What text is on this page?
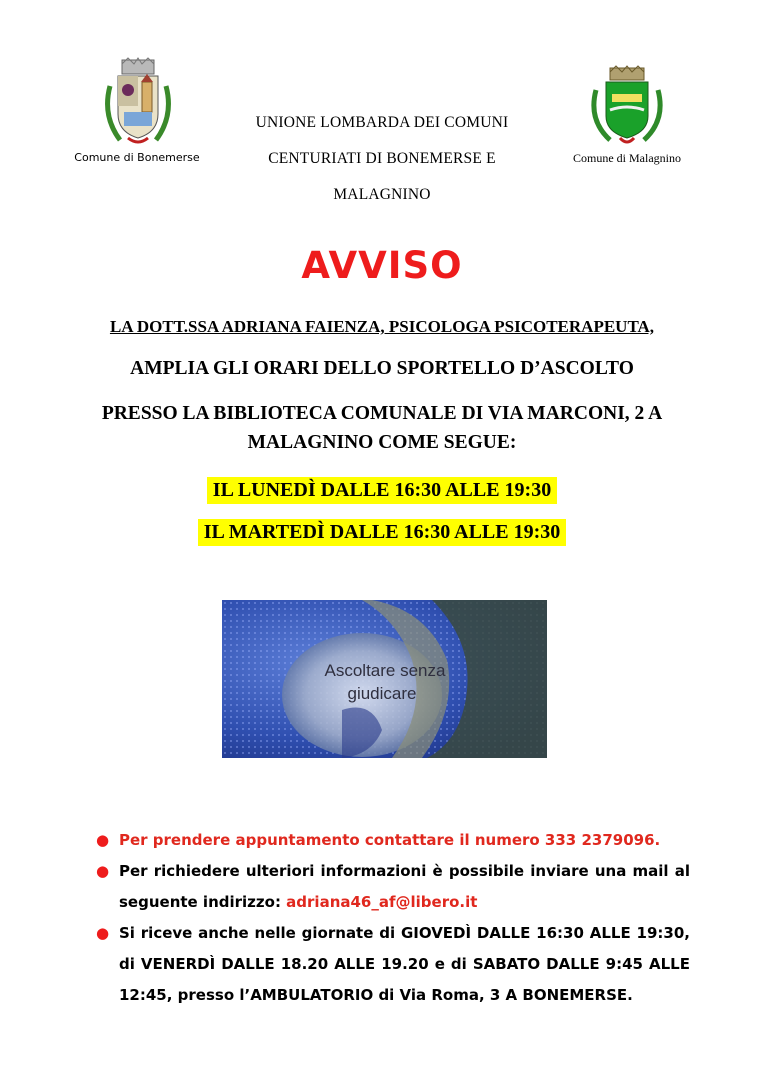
Comune di Bonemerse	Comune di Malagnino
UNIONE LOMBARDA DEI COMUNI
CENTURIATI DI BONEMERSE E
MALAGNINO
AVVISO
LA DOTT.SSA ADRIANA FAIENZA, PSICOLOGA PSICOTERAPEUTA,
AMPLIA GLI ORARI DELLO SPORTELLO D’ASCOLTO
PRESSO LA BIBLIOTECA COMUNALE DI VIA MARCONI, 2 A
MALAGNINO COME SEGUE:
IL LUNEDÌ DALLE 16:30 ALLE 19:30
IL MARTEDÌ DALLE 16:30 ALLE 19:30
Ascoltare senza
giudicare
● Per prendere appuntamento contattare il numero 333 2379096.
● Per richiedere ulteriori informazioni è possibile inviare una mail al seguente indirizzo: adriana46_af@libero.it
● Si riceve anche nelle giornate di GIOVEDÌ DALLE 16:30 ALLE 19:30, di VENERDÌ DALLE 18.20 ALLE 19.20 e di SABATO DALLE 9:45 ALLE 12:45, presso l’AMBULATORIO di Via Roma, 3 A BONEMERSE.
